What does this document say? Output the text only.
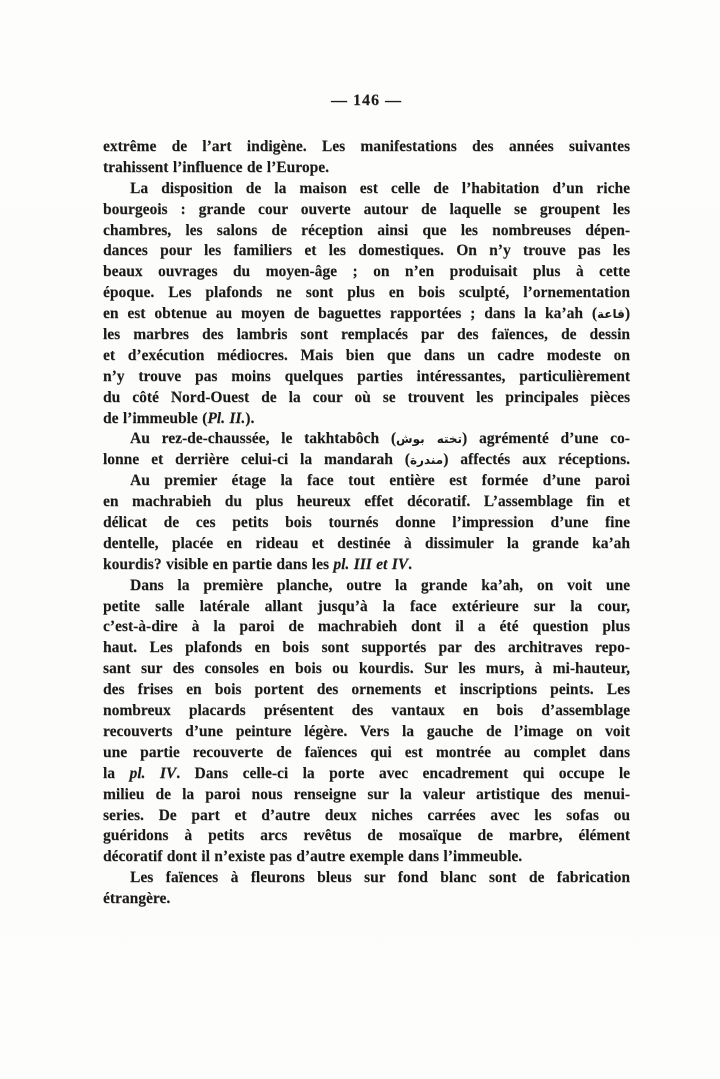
— 146 —
extrême de l’art indigène. Les manifestations des années suivantes
trahissent l’influence de l’Europe.
La disposition de la maison est celle de l’habitation d’un riche
bourgeois : grande cour ouverte autour de laquelle se groupent les
chambres, les salons de réception ainsi que les nombreuses dépen-
dances pour les familiers et les domestiques. On n’y trouve pas les
beaux ouvrages du moyen-âge ; on n’en produisait plus à cette
époque. Les plafonds ne sont plus en bois sculpté, l’ornementation
en est obtenue au moyen de baguettes rapportées ; dans la ka’ah (قاعة)
les marbres des lambris sont remplacés par des faïences, de dessin
et d’exécution médiocres. Mais bien que dans un cadre modeste on
n’y trouve pas moins quelques parties intéressantes, particulièrement
du côté Nord-Ouest de la cour où se trouvent les principales pièces
de l’immeuble (Pl. II.).
Au rez-de-chaussée, le takhtabôch (تخته بوش) agrémenté d’une co-
lonne et derrière celui-ci la mandarah (مندرة) affectés aux réceptions.
Au premier étage la face tout entière est formée d’une paroi
en machrabieh du plus heureux effet décoratif. L’assemblage fin et
délicat de ces petits bois tournés donne l’impression d’une fine
dentelle, placée en rideau et destinée à dissimuler la grande ka’ah
kourdis? visible en partie dans les pl. III et IV.
Dans la première planche, outre la grande ka’ah, on voit une
petite salle latérale allant jusqu’à la face extérieure sur la cour,
c’est-à-dire à la paroi de machrabieh dont il a été question plus
haut. Les plafonds en bois sont supportés par des architraves repo-
sant sur des consoles en bois ou kourdis. Sur les murs, à mi-hauteur,
des frises en bois portent des ornements et inscriptions peints. Les
nombreux placards présentent des vantaux en bois d’assemblage
recouverts d’une peinture légère. Vers la gauche de l’image on voit
une partie recouverte de faïences qui est montrée au complet dans
la pl. IV. Dans celle-ci la porte avec encadrement qui occupe le
milieu de la paroi nous renseigne sur la valeur artistique des menui-
series. De part et d’autre deux niches carrées avec les sofas ou
guéridons à petits arcs revêtus de mosaïque de marbre, élément
décoratif dont il n’existe pas d’autre exemple dans l’immeuble.
Les faïences à fleurons bleus sur fond blanc sont de fabrication
étrangère.
